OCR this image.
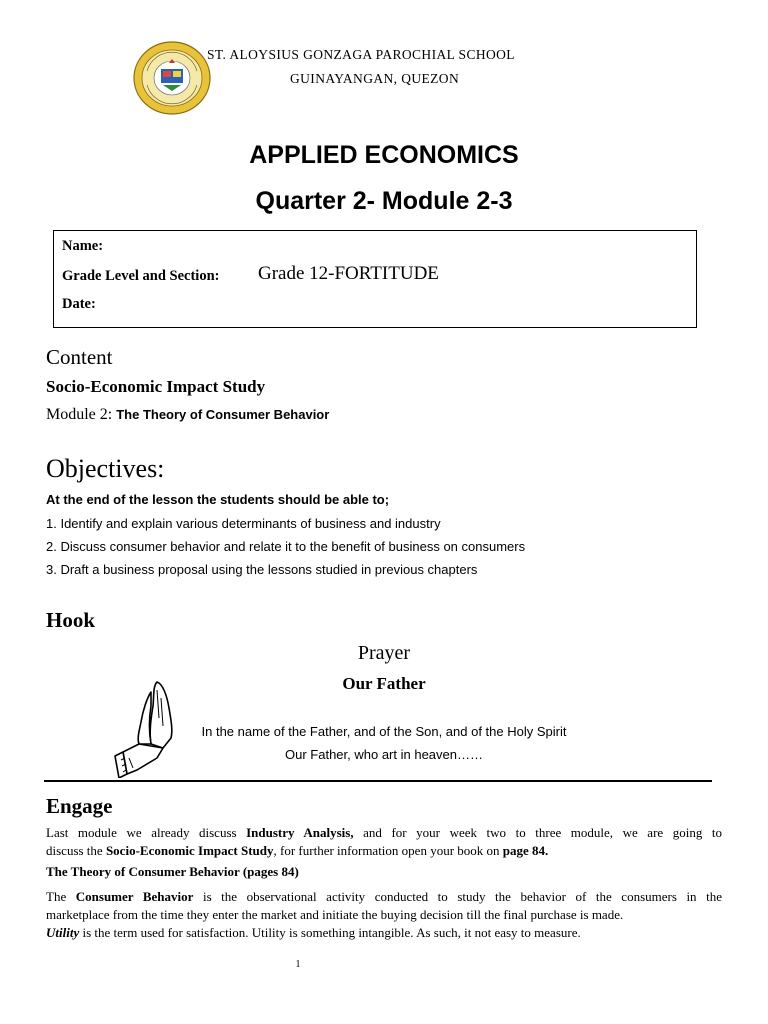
ST. ALOYSIUS GONZAGA PAROCHIAL SCHOOL
GUINAYANGAN, QUEZON
APPLIED ECONOMICS
Quarter 2- Module 2-3
Name:
Grade Level and Section: Grade 12-FORTITUDE
Date:
Content
Socio-Economic Impact Study
Module 2: The Theory of Consumer Behavior
Objectives:
At the end of the lesson the students should be able to;
1. Identify and explain various determinants of business and industry
2. Discuss consumer behavior and relate it to the benefit of business on consumers
3. Draft a business proposal using the lessons studied in previous chapters
Hook
Prayer
Our Father
In the name of the Father, and of the Son, and of the Holy Spirit
Our Father, who art in heaven……
Engage
Last module we already discuss Industry Analysis, and for your week two to three module, we are going to
discuss the Socio-Economic Impact Study, for further information open your book on page 84.
The Theory of Consumer Behavior (pages 84)
The Consumer Behavior is the observational activity conducted to study the behavior of the consumers in the
marketplace from the time they enter the market and initiate the buying decision till the final purchase is made.
Utility is the term used for satisfaction. Utility is something intangible. As such, it not easy to measure.
1
